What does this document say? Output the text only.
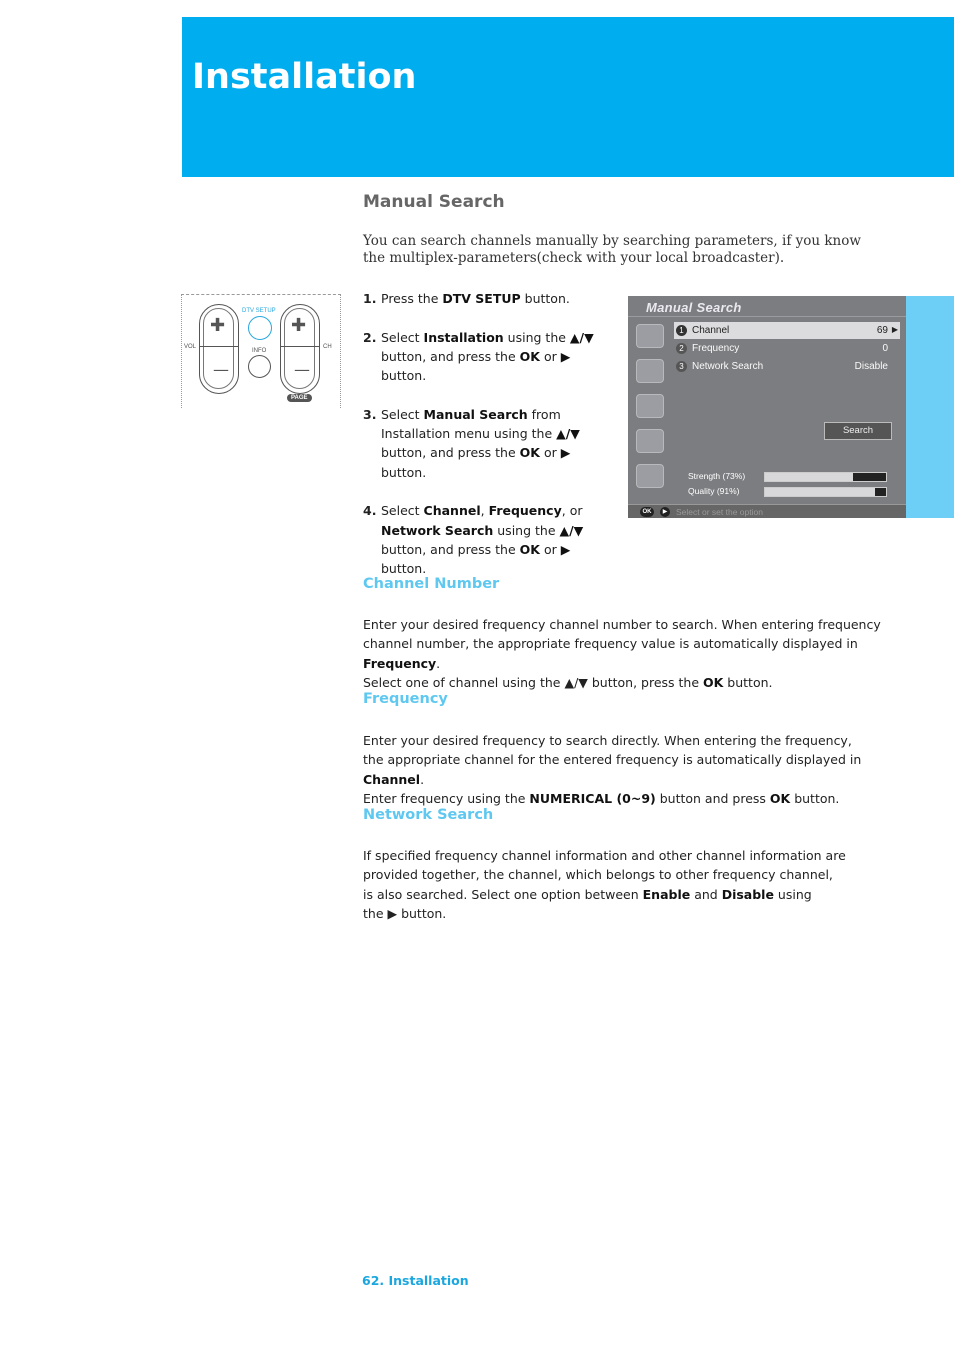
Installation
Manual Search

You can search channels manually by searching parameters, if you know the multiplex-parameters(check with your local broadcaster).

✚
—
✚
—
VOL	CH
DTV SETUP
INFO
PAGE
1. Press the DTV SETUP button.
2. Select Installation using the ▲/▼ button, and press the OK or ▶ button.
3. Select Manual Search from Installation menu using the ▲/▼ button, and press the OK or ▶ button.
4. Select Channel, Frequency, or Network Search using the ▲/▼ button, and press the OK or ▶ button.
Manual Search
1 Channel	69 ▶
2 Frequency	0
3 Network Search	Disable
Search
Strength (73%)
Quality (91%)
OK	▶	Select or set the option
Channel Number
Enter your desired frequency channel number to search. When entering frequency
channel number, the appropriate frequency value is automatically displayed in Frequency.
Select one of channel using the ▲/▼ button, press the OK button.
Frequency
Enter your desired frequency to search directly. When entering the frequency,
the appropriate channel for the entered frequency is automatically displayed in Channel.
Enter frequency using the NUMERICAL (0~9) button and press OK button.
Network Search
If specified frequency channel information and other channel information are
provided together, the channel, which belongs to other frequency channel,
is also searched. Select one option between Enable and Disable using
the ▶ button.
62. Installation
